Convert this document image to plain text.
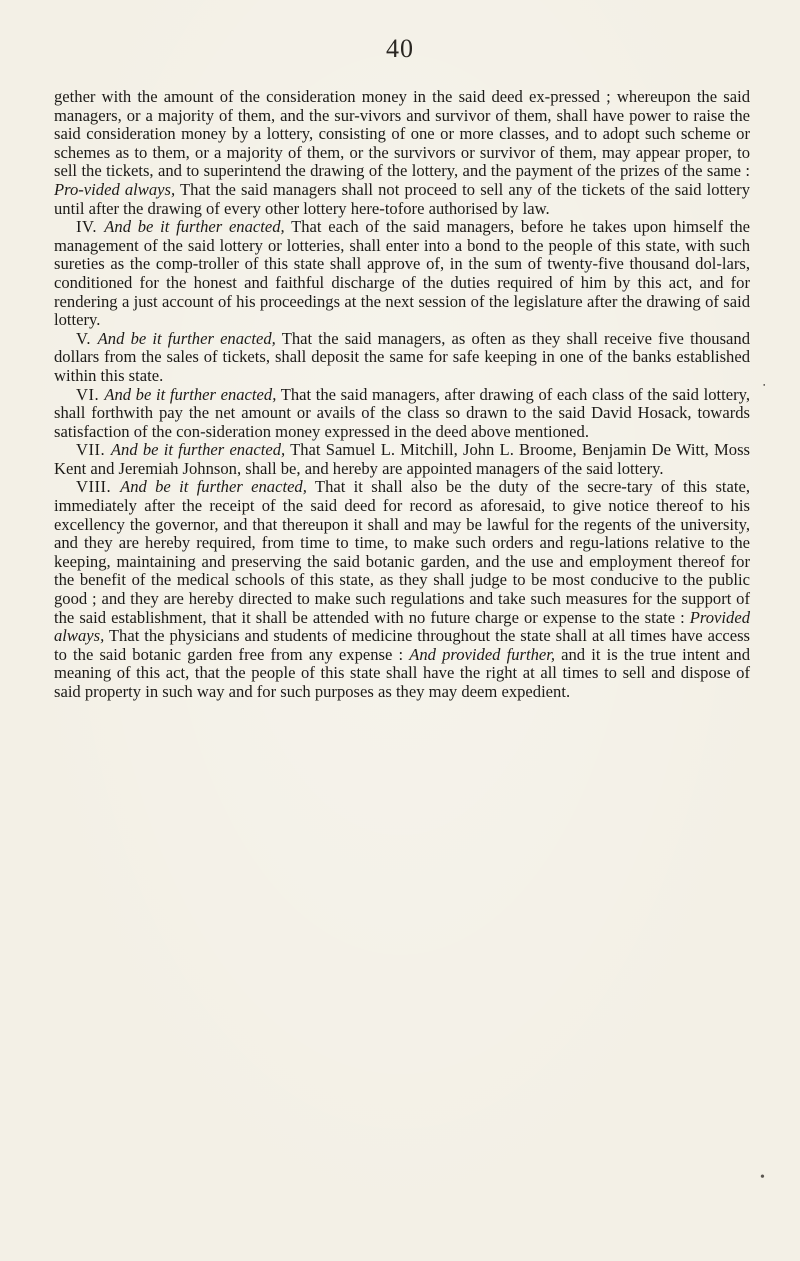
40

gether with the amount of the consideration money in the said deed ex-pressed ; whereupon the said managers, or a majority of them, and the sur-vivors and survivor of them, shall have power to raise the said consideration money by a lottery, consisting of one or more classes, and to adopt such scheme or schemes as to them, or a majority of them, or the survivors or survivor of them, may appear proper, to sell the tickets, and to superintend the drawing of the lottery, and the payment of the prizes of the same : Pro-vided always, That the said managers shall not proceed to sell any of the tickets of the said lottery until after the drawing of every other lottery here-tofore authorised by law.

IV. And be it further enacted, That each of the said managers, before he takes upon himself the management of the said lottery or lotteries, shall enter into a bond to the people of this state, with such sureties as the comp-troller of this state shall approve of, in the sum of twenty-five thousand dol-lars, conditioned for the honest and faithful discharge of the duties required of him by this act, and for rendering a just account of his proceedings at the next session of the legislature after the drawing of said lottery.

V. And be it further enacted, That the said managers, as often as they shall receive five thousand dollars from the sales of tickets, shall deposit the same for safe keeping in one of the banks established within this state.

VI. And be it further enacted, That the said managers, after drawing of each class of the said lottery, shall forthwith pay the net amount or avails of the class so drawn to the said David Hosack, towards satisfaction of the con-sideration money expressed in the deed above mentioned.

VII. And be it further enacted, That Samuel L. Mitchill, John L. Broome, Benjamin De Witt, Moss Kent and Jeremiah Johnson, shall be, and hereby are appointed managers of the said lottery.

VIII. And be it further enacted, That it shall also be the duty of the secre-tary of this state, immediately after the receipt of the said deed for record as aforesaid, to give notice thereof to his excellency the governor, and that thereupon it shall and may be lawful for the regents of the university, and they are hereby required, from time to time, to make such orders and regu-lations relative to the keeping, maintaining and preserving the said botanic garden, and the use and employment thereof for the benefit of the medical schools of this state, as they shall judge to be most conducive to the public good ; and they are hereby directed to make such regulations and take such measures for the support of the said establishment, that it shall be attended with no future charge or expense to the state : Provided always, That the physicians and students of medicine throughout the state shall at all times have access to the said botanic garden free from any expense : And provided further, and it is the true intent and meaning of this act, that the people of this state shall have the right at all times to sell and dispose of said property in such way and for such purposes as they may deem expedient.

‧
•
